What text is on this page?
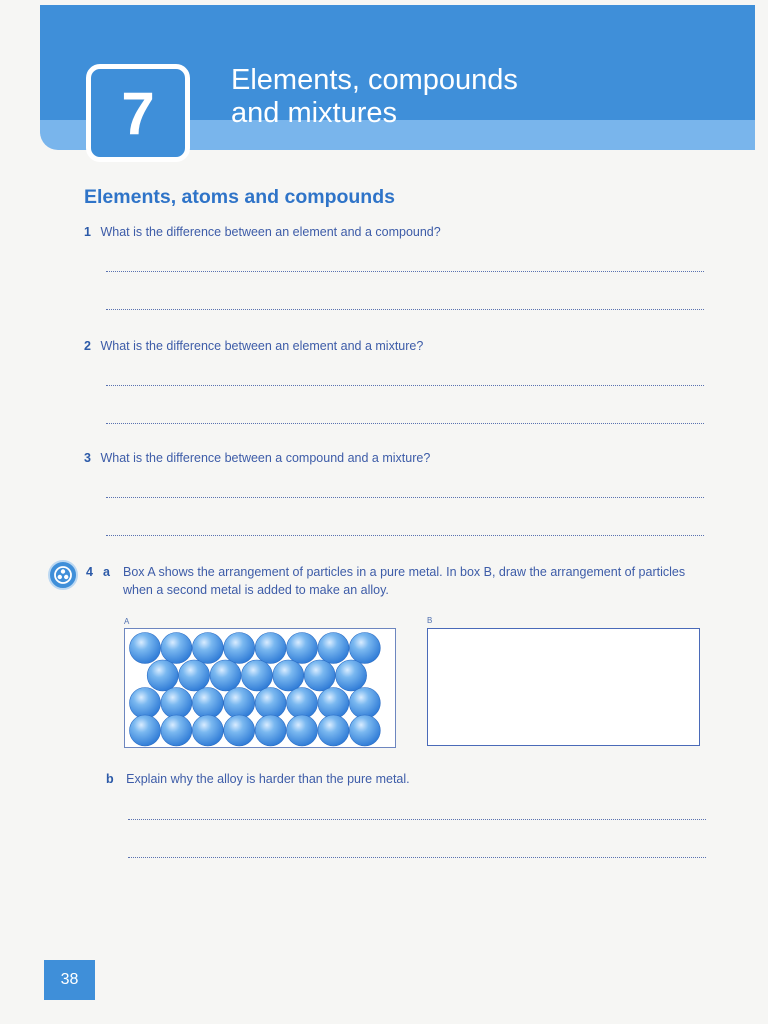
7	Elements, compounds
and mixtures
Elements, atoms and compounds
1 What is the difference between an element and a compound?
2 What is the difference between an element and a mixture?
3 What is the difference between a compound and a mixture?
4 a Box A shows the arrangement of particles in a pure metal. In box B, draw the arrangement of particles when a second metal is added to make an alloy.
A	B
b Explain why the alloy is harder than the pure metal.
38
